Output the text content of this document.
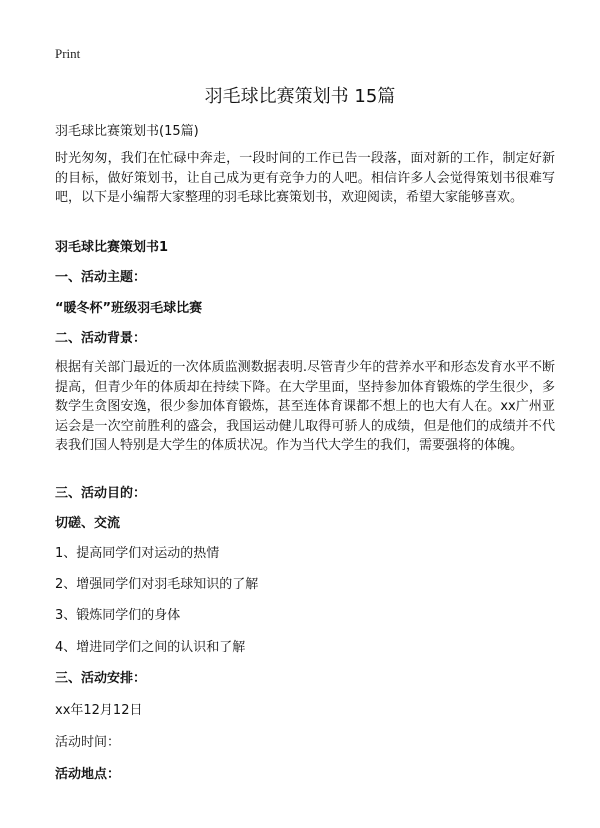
Print
羽毛球比赛策划书 15篇
羽毛球比赛策划书(15篇)
时光匆匆，我们在忙碌中奔走，一段时间的工作已告一段落，面对新的工作，制定好新的目标，做好策划书，让自己成为更有竞争力的人吧。相信许多人会觉得策划书很难写吧，以下是小编帮大家整理的羽毛球比赛策划书，欢迎阅读，希望大家能够喜欢。
羽毛球比赛策划书1
一、活动主题：
“暖冬杯”班级羽毛球比赛
二、活动背景：
根据有关部门最近的一次体质监测数据表明.尽管青少年的营养水平和形态发育水平不断提高，但青少年的体质却在持续下降。在大学里面，坚持参加体育锻炼的学生很少，多数学生贪图安逸，很少参加体育锻炼，甚至连体育课都不想上的也大有人在。xx广州亚运会是一次空前胜利的盛会，我国运动健儿取得可骄人的成绩，但是他们的成绩并不代表我们国人特别是大学生的体质状况。作为当代大学生的我们，需要强将的体魄。
三、活动目的：
切磋、交流
1、提高同学们对运动的热情
2、增强同学们对羽毛球知识的了解
3、锻炼同学们的身体
4、增进同学们之间的认识和了解
三、活动安排：
xx年12月12日
活动时间：
活动地点：
